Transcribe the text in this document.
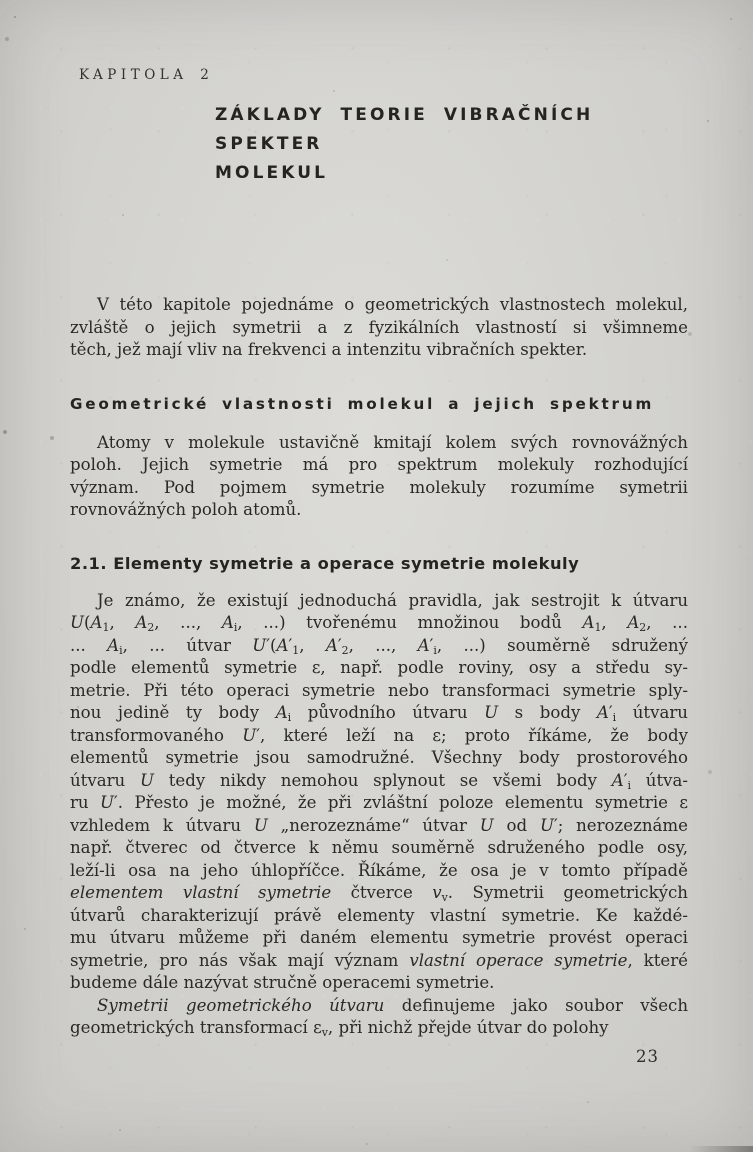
KAPITOLA 2
ZÁKLADY TEORIE VIBRAČNÍCH SPEKTER
MOLEKUL
V této kapitole pojednáme o geometrických vlastnostech molekul,
zvláště o jejich symetrii a z fyzikálních vlastností si všimneme
těch, jež mají vliv na frekvenci a intenzitu vibračních spekter.
Geometrické vlastnosti molekul a jejich spektrum
Atomy v molekule ustavičně kmitají kolem svých rovnovážných
poloh. Jejich symetrie má pro spektrum molekuly rozhodující
význam. Pod pojmem symetrie molekuly rozumíme symetrii
rovnovážných poloh atomů.
2.1. Elementy symetrie a operace symetrie molekuly
Je známo, že existují jednoduchá pravidla, jak sestrojit k útvaru
$U(A_1$, $A_2$, ..., $A_i$, ...) tvořenému množinou bodů $A_1$, $A_2$, ...
... $A_i$, ... útvar $U'(A'_1$, $A'_2$, ..., $A'_i$, ...) souměrně sdružený
podle elementů symetrie ε, např. podle roviny, osy a středu sy-
metrie. Při této operaci symetrie nebo transformaci symetrie sply-
nou jedině ty body $A_i$ původního útvaru U s body $A'_i$ útvaru
transformovaného U′, které leží na ε; proto říkáme, že body
elementů symetrie jsou samodružné. Všechny body prostorového
útvaru U tedy nikdy nemohou splynout se všemi body $A'_i$ útva-
ru U′. Přesto je možné, že při zvláštní poloze elementu symetrie ε
vzhledem k útvaru U „nerozeznáme“ útvar U od U′; nerozeznáme
např. čtverec od čtverce k němu souměrně sdruženého podle osy,
leží-li osa na jeho úhlopříčce. Říkáme, že osa je v tomto případě
elementem vlastní symetrie čtverce $v_v$. Symetrii geometrických
útvarů charakterizují právě elementy vlastní symetrie. Ke každé-
mu útvaru můžeme při daném elementu symetrie provést operaci
symetrie, pro nás však mají význam vlastní operace symetrie, které
budeme dále nazývat stručně operacemi symetrie.
Symetrii geometrického útvaru definujeme jako soubor všech
geometrických transformací $\varepsilon_v$, při nichž přejde útvar do polohy
23
